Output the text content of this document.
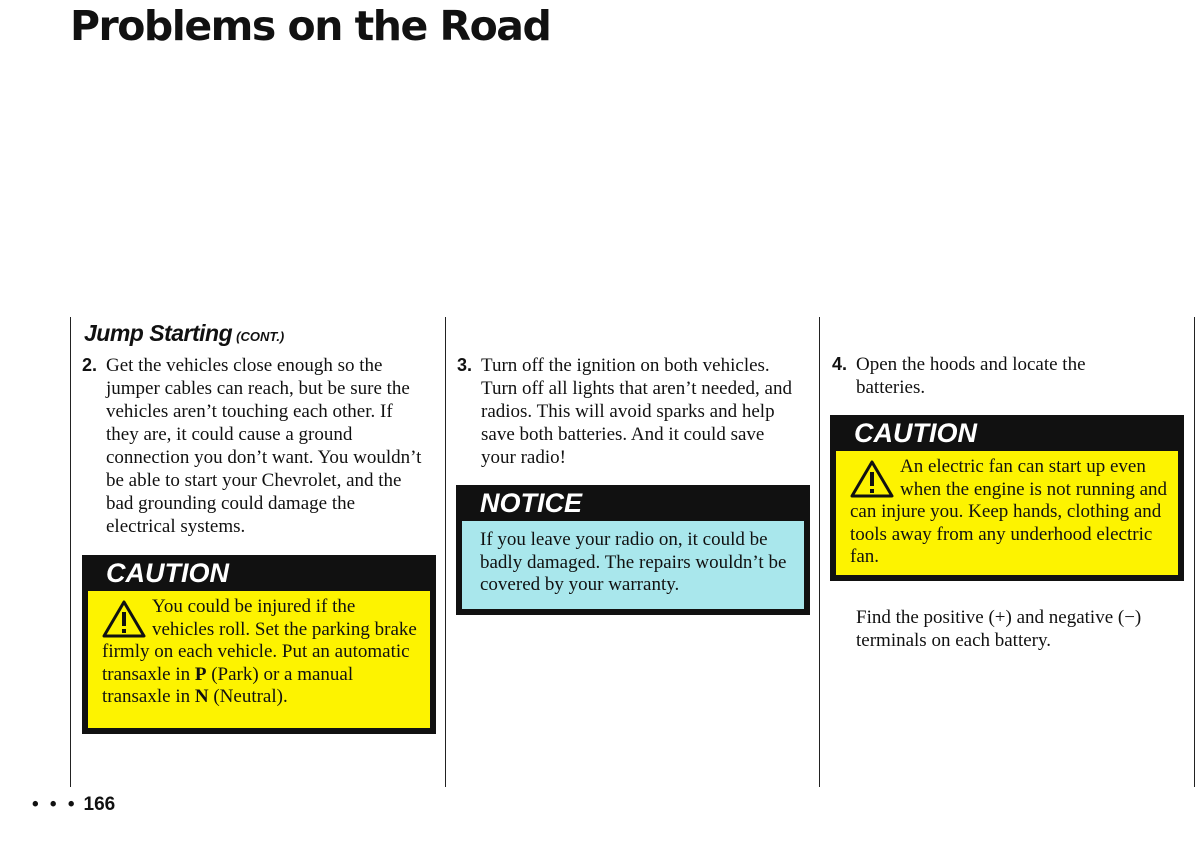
Problems on the Road
Jump Starting (CONT.)

2. Get the vehicles close enough so the jumper cables can reach, but be sure the vehicles aren’t touching each other. If they are, it could cause a ground connection you don’t want. You wouldn’t be able to start your Chevrolet, and the bad grounding could damage the electrical systems.

CAUTION
You could be injured if the vehicles roll. Set the parking brake firmly on each vehicle. Put an automatic transaxle in P (Park) or a manual transaxle in N (Neutral).

3. Turn off the ignition on both vehicles. Turn off all lights that aren’t needed, and radios. This will avoid sparks and help save both batteries. And it could save your radio!

NOTICE
If you leave your radio on, it could be badly damaged. The repairs wouldn’t be covered by your warranty.

4. Open the hoods and locate the batteries.

CAUTION
An electric fan can start up even when the engine is not running and can injure you. Keep hands, clothing and tools away from any underhood electric fan.

Find the positive (+) and negative (−) terminals on each battery.

• • • 166
